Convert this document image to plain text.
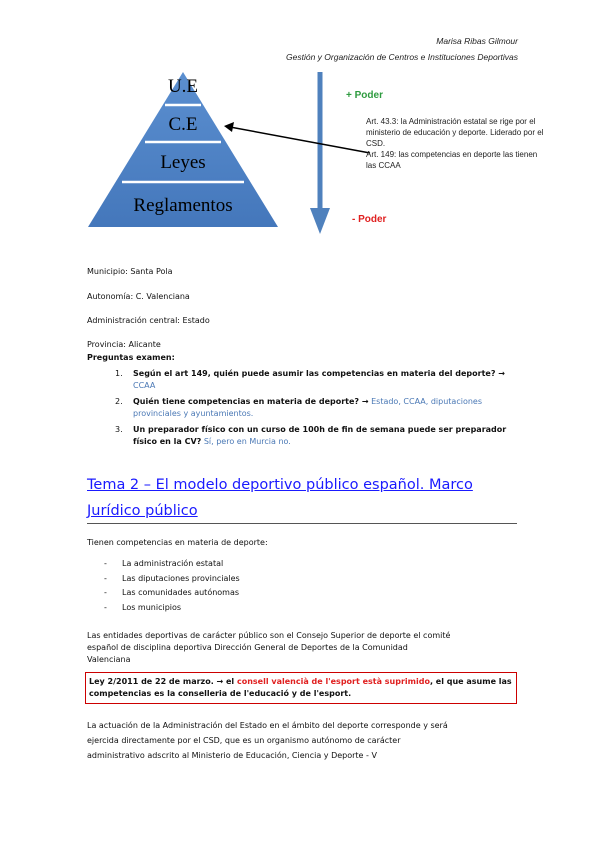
Marisa Ribas Gilmour
Gestión y Organización de Centros e Instituciones Deportivas
U.E
C.E
Leyes
Reglamentos
+ Poder
- Poder
Art. 43.3: la Administración estatal se rige por el
ministerio de educación y deporte. Liderado por el
CSD.
Art. 149: las competencias en deporte las tienen
las CCAA
Municipio: Santa Pola
Autonomía: C. Valenciana
Administración central: Estado
Provincia: Alicante
Preguntas examen:
1. Según el art 149, quién puede asumir las competencias en materia del deporte? → CCAA
2. Quién tiene competencias en materia de deporte? → Estado, CCAA, diputaciones provinciales y ayuntamientos.
3. Un preparador físico con un curso de 100h de fin de semana puede ser preparador físico en la CV? Sí, pero en Murcia no.
Tema 2 – El modelo deportivo público español. Marco
Jurídico público
Tienen competencias en materia de deporte:
- La administración estatal
- Las diputaciones provinciales
- Las comunidades autónomas
- Los municipios
Las entidades deportivas de carácter público son el Consejo Superior de deporte el comité
español de disciplina deportiva Dirección General de Deportes de la Comunidad
Valenciana
Ley 2/2011 de 22 de marzo. → el consell valencià de l'esport està suprimido, el que asume las
competencias es la conselleria de l'educació y de l'esport.
La actuación de la Administración del Estado en el ámbito del deporte corresponde y será
ejercida directamente por el CSD, que es un organismo autónomo de carácter
administrativo adscrito al Ministerio de Educación, Ciencia y Deporte - V
